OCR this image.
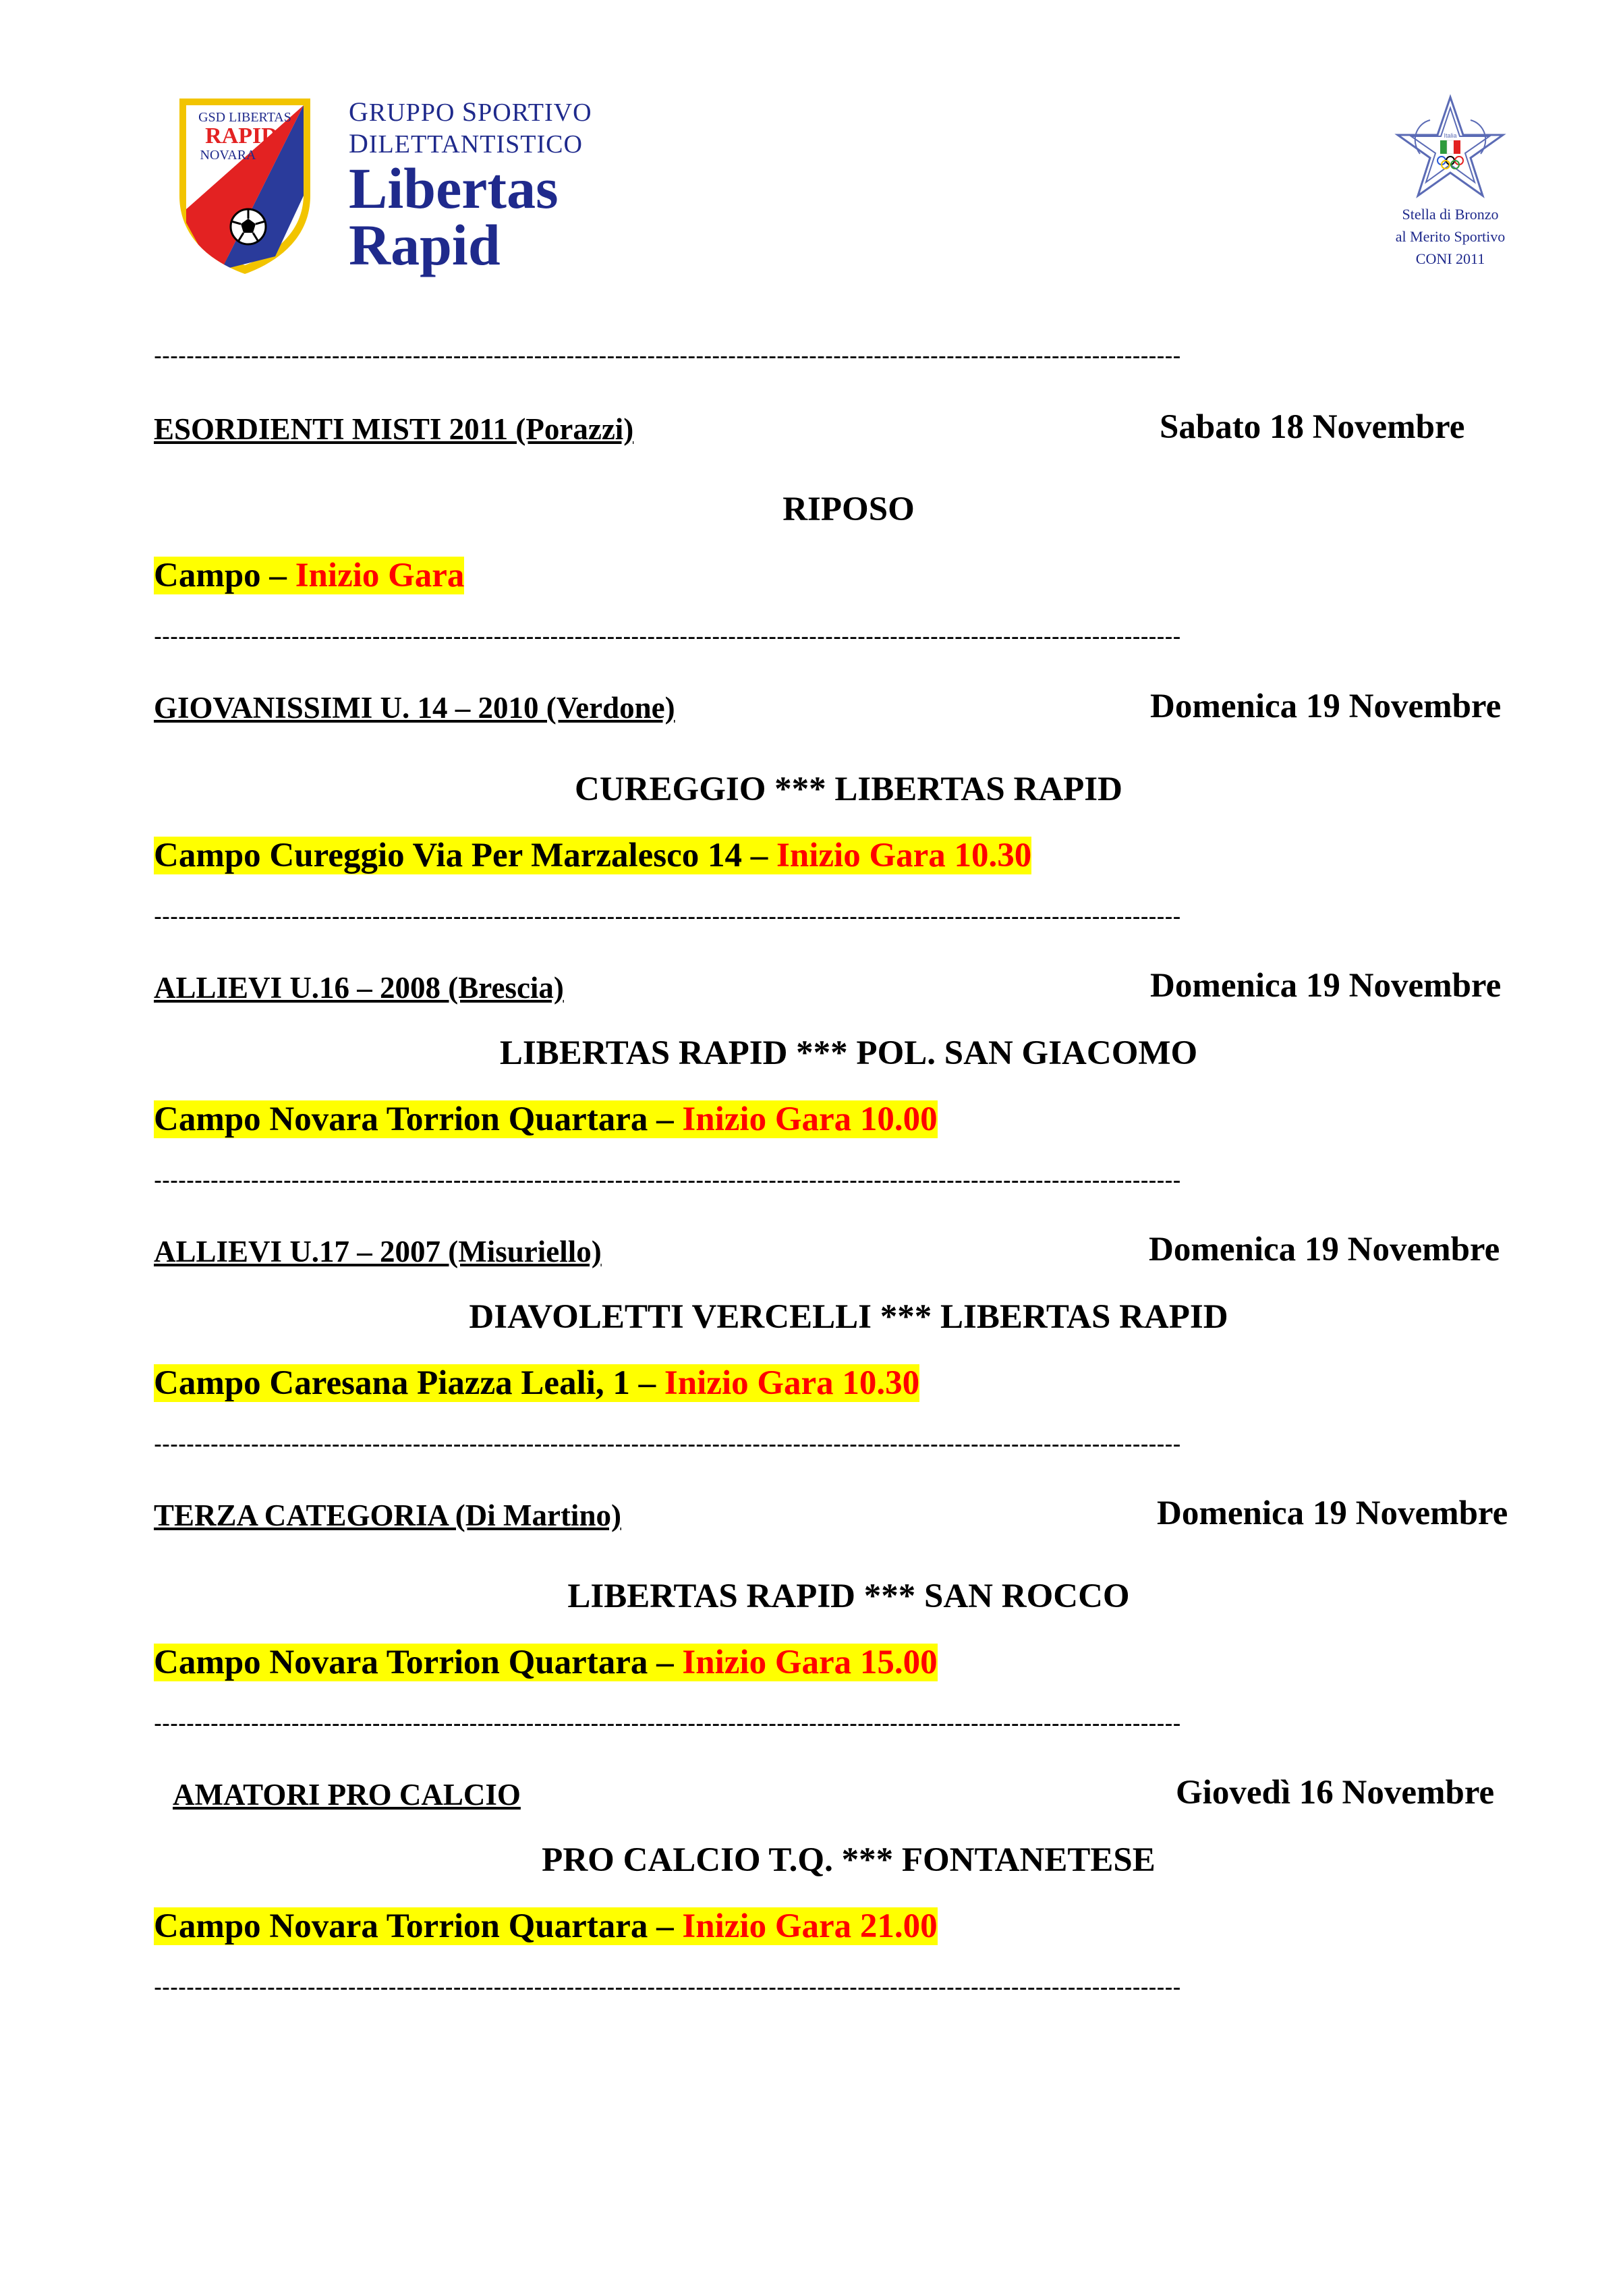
GSD LIBERTAS
RAPID
NOVARA
GRUPPO SPORTIVO
DILETTANTISTICO
Libertas
Rapid
Italia
Stella di Bronzo
al Merito Sportivo
CONI 2011
-------------------------------------------------------------------------------------------------------------------------------
ESORDIENTI MISTI 2011 (Porazzi)	Sabato 18 Novembre
RIPOSO
Campo – Inizio Gara
-------------------------------------------------------------------------------------------------------------------------------
GIOVANISSIMI U. 14 – 2010 (Verdone)	Domenica 19 Novembre
CUREGGIO *** LIBERTAS RAPID
Campo Cureggio Via Per Marzalesco 14 – Inizio Gara 10.30
-------------------------------------------------------------------------------------------------------------------------------
ALLIEVI U.16 – 2008 (Brescia)	Domenica 19 Novembre
LIBERTAS RAPID *** POL. SAN GIACOMO
Campo Novara Torrion Quartara – Inizio Gara 10.00
-------------------------------------------------------------------------------------------------------------------------------
ALLIEVI U.17 – 2007 (Misuriello)	Domenica 19 Novembre
DIAVOLETTI VERCELLI *** LIBERTAS RAPID
Campo Caresana Piazza Leali, 1 – Inizio Gara 10.30
-------------------------------------------------------------------------------------------------------------------------------
TERZA CATEGORIA (Di Martino)	Domenica 19 Novembre
LIBERTAS RAPID *** SAN ROCCO
Campo Novara Torrion Quartara – Inizio Gara 15.00
-------------------------------------------------------------------------------------------------------------------------------
AMATORI PRO CALCIO	Giovedì 16 Novembre
PRO CALCIO T.Q. *** FONTANETESE
Campo Novara Torrion Quartara – Inizio Gara 21.00
-------------------------------------------------------------------------------------------------------------------------------
